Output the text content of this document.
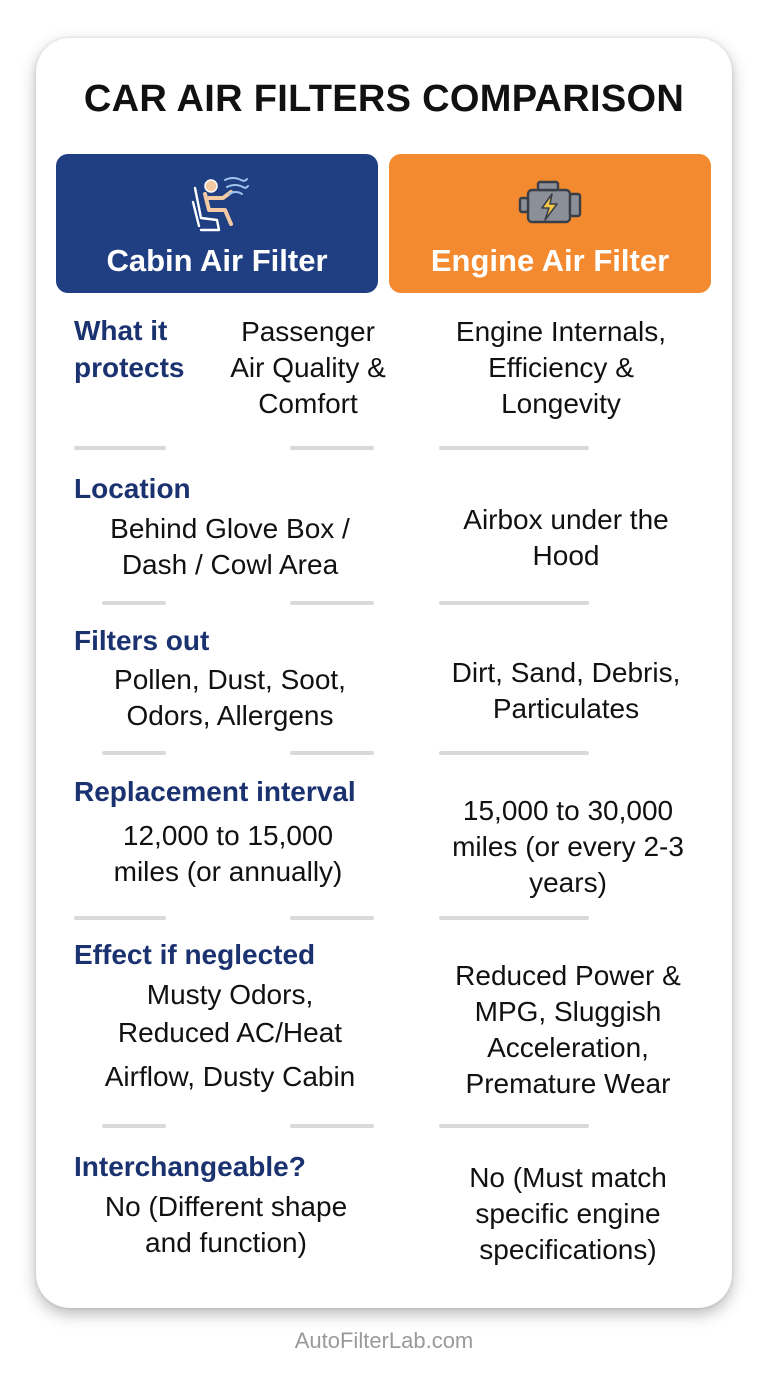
CAR AIR FILTERS COMPARISON
Cabin Air Filter	Engine Air Filter
What it
protects
Passenger
Air Quality &
Comfort
Engine Internals,
Efficiency &
Longevity
Location
Behind Glove Box /
Dash / Cowl Area
Airbox under the
Hood
Filters out
Pollen, Dust, Soot,
Odors, Allergens
Dirt, Sand, Debris,
Particulates
Replacement interval
12,000 to 15,000
miles (or annually)
15,000 to 30,000
miles (or every 2-3
years)
Effect if neglected
Musty Odors,
Reduced AC/Heat
Airflow, Dusty Cabin
Reduced Power &
MPG, Sluggish
Acceleration,
Premature Wear
Interchangeable?
No (Different shape
and function)
No (Must match
specific engine
specifications)
AutoFilterLab.com
